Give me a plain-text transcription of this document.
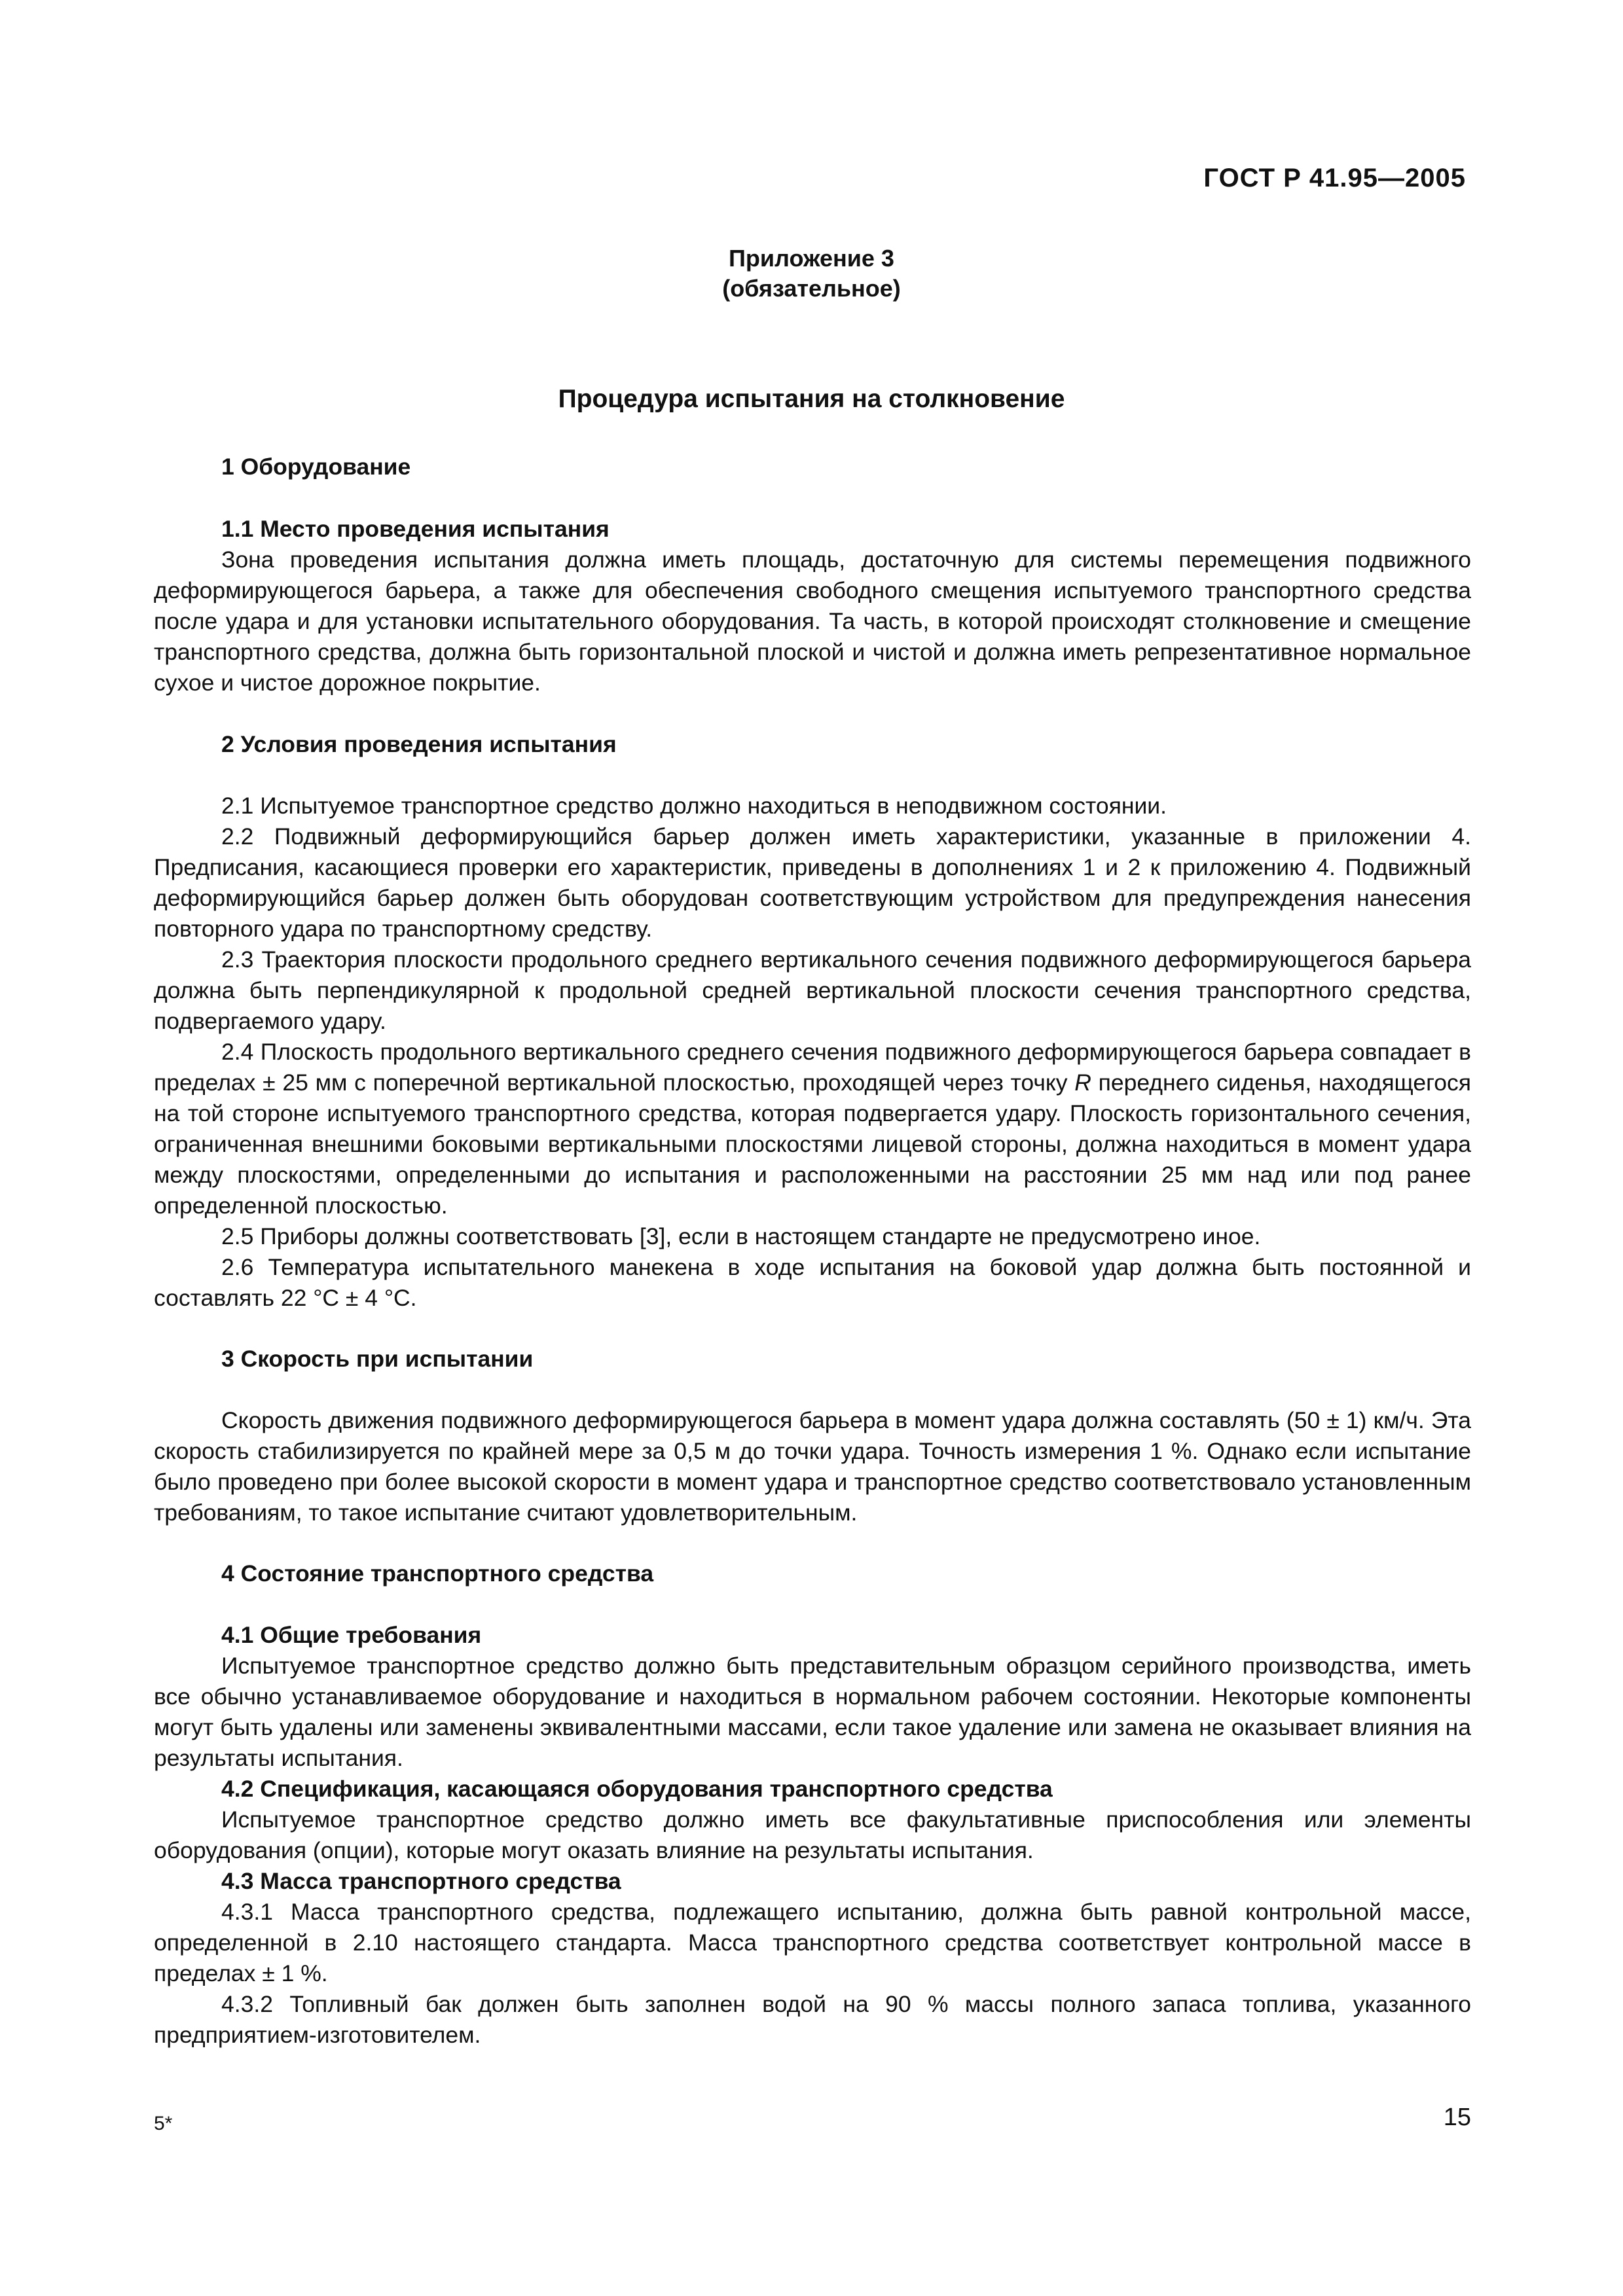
ГОСТ Р 41.95—2005
Приложение 3
(обязательное)
Процедура испытания на столкновение
1 Оборудование
1.1 Место проведения испытания
Зона проведения испытания должна иметь площадь, достаточную для системы перемещения подвижного деформирующегося барьера, а также для обеспечения свободного смещения испытуемого транспортного средства после удара и для установки испытательного оборудования. Та часть, в которой происходят столкновение и смещение транспортного средства, должна быть горизонтальной плоской и чистой и должна иметь репрезентативное нормальное сухое и чистое дорожное покрытие.
2 Условия проведения испытания
2.1 Испытуемое транспортное средство должно находиться в неподвижном состоянии.
2.2 Подвижный деформирующийся барьер должен иметь характеристики, указанные в приложении 4. Предписания, касающиеся проверки его характеристик, приведены в дополнениях 1 и 2 к приложению 4. Подвижный деформирующийся барьер должен быть оборудован соответствующим устройством для предупреждения нанесения повторного удара по транспортному средству.
2.3 Траектория плоскости продольного среднего вертикального сечения подвижного деформирующегося барьера должна быть перпендикулярной к продольной средней вертикальной плоскости сечения транспортного средства, подвергаемого удару.
2.4 Плоскость продольного вертикального среднего сечения подвижного деформирующегося барьера совпадает в пределах ± 25 мм с поперечной вертикальной плоскостью, проходящей через точку R переднего сиденья, находящегося на той стороне испытуемого транспортного средства, которая подвергается удару. Плоскость горизонтального сечения, ограниченная внешними боковыми вертикальными плоскостями лицевой стороны, должна находиться в момент удара между плоскостями, определенными до испытания и расположенными на расстоянии 25 мм над или под ранее определенной плоскостью.
2.5 Приборы должны соответствовать [3], если в настоящем стандарте не предусмотрено иное.
2.6 Температура испытательного манекена в ходе испытания на боковой удар должна быть постоянной и составлять 22 °С ± 4 °С.
3 Скорость при испытании
Скорость движения подвижного деформирующегося барьера в момент удара должна составлять (50 ± 1) км/ч. Эта скорость стабилизируется по крайней мере за 0,5 м до точки удара. Точность измерения 1 %. Однако если испытание было проведено при более высокой скорости в момент удара и транспортное средство соответствовало установленным требованиям, то такое испытание считают удовлетворительным.
4 Состояние транспортного средства
4.1 Общие требования
Испытуемое транспортное средство должно быть представительным образцом серийного производства, иметь все обычно устанавливаемое оборудование и находиться в нормальном рабочем состоянии. Некоторые компоненты могут быть удалены или заменены эквивалентными массами, если такое удаление или замена не оказывает влияния на результаты испытания.
4.2 Спецификация, касающаяся оборудования транспортного средства
Испытуемое транспортное средство должно иметь все факультативные приспособления или элементы оборудования (опции), которые могут оказать влияние на результаты испытания.
4.3 Масса транспортного средства
4.3.1 Масса транспортного средства, подлежащего испытанию, должна быть равной контрольной массе, определенной в 2.10 настоящего стандарта. Масса транспортного средства соответствует контрольной массе в пределах ± 1 %.
4.3.2 Топливный бак должен быть заполнен водой на 90 % массы полного запаса топлива, указанного предприятием-изготовителем.
5*	15
